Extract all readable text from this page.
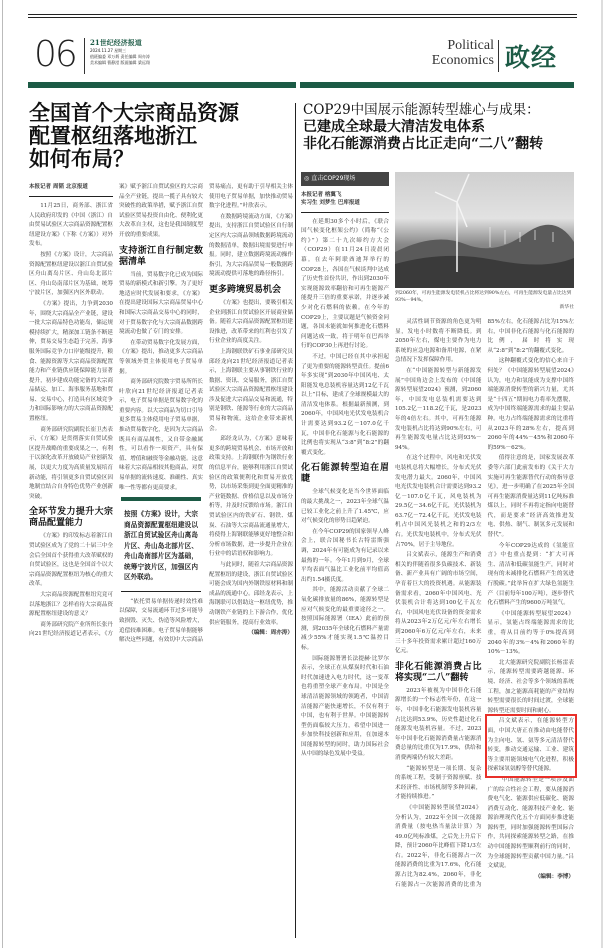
06 21世纪经济报道
2024.11.27 星期三
值班编委 邓万炳 责任编辑 周亦涛
美术编辑 曹静滢 版面编辑 梁远翔
Political
Economics 政经
全国首个大宗商品资源
配置枢纽落地浙江
如何布局？
本报记者 周韬 北京报道

11月25日，商务部、浙江省人民政府印发的《中国（浙江）自由贸易试验区大宗商品资源配置枢纽建设方案》（下称《方案》）对外发布。

按照《方案》设计，大宗商品资源配置枢纽建设以浙江自贸试验区舟山离岛片区、舟山岛北部片区、舟山岛南部片区为基础，统筹宁波片区，加强区内区外联动。

《方案》提出，力争到2030年，围绕大宗商品全产业链，建设一批大宗商品特色功能岛，储运规模持续扩大，精深加工链条不断延伸，贸易交易生态趋于完善，海事服务国际竞争力口岸能级提升，粮食、能源资源等大宗商品资源配置能力和产业链供应链保障能力显著提升，初步建成功能完备的大宗商品储运、加工、海事服务基地和贸易、交易中心，打造具有区域竞争力和国际影响力的大宗商品资源配置枢纽。

商务部研究院副院长崔卫杰表示，《方案》是贯彻落实自贸试验区提升战略的重要成果之一，有利于以深化改革开放破局产业创新发展，以更大力度为高质量发展培育新动能，将引领更多自贸试验区因地制宜结合自身特色优势产业创新突破。

全环节发力提升大宗商品配置能力

《方案》的印发标志着浙江自贸试验区成为了党的二十届三中全会后全国首个获得重大改革赋权的自贸试验区，这也是全国首个以大宗商品资源配置枢纽为核心的重大改革。

大宗商品资源配置枢纽究竟可以落地浙江？怎样看待大宗商品资源配置枢纽建设的意义？

商务部研究院产业所所长张丹向21世纪经济报道记者表示，《方案》赋予浙江自贸试验区的大宗商品全产业链，提出一揽子具有较大突破性的政策举措，赋予浙江自贸试验区贸易投资自由化、便利化更大改革自主权，这也是我国制度型开放的重要成果。

支持浙江自行制定数据清单

当前，贸易数字化已成为国际贸易的新模式和新引擎。为了更好地适应时代发展和要求，《方案》在提出建设国际大宗商品贸易中心和国际大宗商品交易中心的同时，对于贸易数字化与大宗商品数据跨境流动也做了专门的安排。

在带动贸易数字化发展方面，《方案》提出，推动更多大宗商品等领域外贸主体使用电子贸易单据。

商务部研究院数字贸易所所长叶欣向21世纪经济报道记者表示，电子贸易单据是贸易数字化的重要内容。以大宗商品为切口引导更多贸易主体使用电子贸易单据，推动贸易数字化，是因为大宗商品既具有商品属性，又自带金融属性，可以看作一项资产，具有保值、增值和融资等金融功能。这意味着大宗商品相较其他商品，对贸易单据的流转速度、准确性、真实唯一性等都有更高要求。

按照《方案》设计，大宗商品资源配置枢纽建设以浙江自贸试验区舟山离岛片区、舟山岛北部片区、舟山岛南部片区为基础，统筹宁波片区，加强区内区外联动。

“依托贸易单据传递时效性难以保障，交易流通环节过多可能导致损毁、灭失、伪造等风险增大，追偿较难困难。电子贸易单据能够解决这些问题，有效切中大宗商品贸易痛点，更有助于引导相关主体使用电子贸易单据，加快推动贸易数字化进程。”叶欣表示。

在数据跨境流动方面，《方案》提出，支持浙江自贸试验区自行制定区内大宗商品领域数据跨境流动的数据清单，数据出境需要进行申报。同时，建立数据跨境流动操作指引，为大宗商品贸易一般数据跨境流动提供可落地的路径指引。

更多跨境贸易机会

《方案》也提出，要吸引相关企业到浙江自贸试验区开展商业储备。随着大宗商品资源配置枢纽建设推进，改革带来的红利也引发了行业企业的高度关注。

上海钢联铁矿石事业部研究员邱经龙向21世纪经济报道记者表示，上海钢联主要从事钢铁行业的数据、资讯、交易服务，浙江自贸试验区大宗商品资源配置枢纽建设涉及促进大宗商品交易和流通，特别是钢铁、能源等行业的大宗商品贸易和物流，这给企业带来新机会。

邱经龙认为，《方案》意味着更多的跨境贸易机会、市场开放和政策支持。上海钢联作为钢铁行业的信息平台，能够利用浙江自贸试验区的政策便利化和贸易开放优势，以市场采集到更全面更精准的产业链数据、价格信息以及市场分析等，并及时反馈给市场。浙江自贸试验区内的铁矿石、钢铁、煤炭、石油等大宗商品流通量增大，将使得上海钢联能够更好地整合和分析市场数据，进一步提升企业在行业中的话语权和影响力。

与此同时，随着大宗商品资源配置枢纽的建设，浙江自贸试验区可能会成为国内外钢铁原材料和制成品的流通中心。邱经龙表示，上海钢联可以借助这一枢纽优势，推动钢铁产业链的上下游合作，优化供应链服务，提高行业效率。

（编辑：周亦涛）

COP29中国展示能源转型雄心与成果：
已建成全球最大清洁发电体系
非化石能源消费占比正走向“二八”翻转
◎ 直击COP29现场
本报记者 榕翼飞
实习生 刘梦生 巴库报道

在延期30多个小时后，《联合国气候变化框架公约》（简称“《公约》”）第二十九次缔约方大会（COP29）在11月24日凌晨闭幕。在去年阿联酋迪拜举行的COP28上，各国在气候谈判中达成了历史性首份共识，作出到2030年实现能源效率翻倍和可再生能源产能提升三倍的重要承诺，并逐步减少对化石燃料的依赖。在今年的COP29上，主要议题是气候资金问题，各国未能就如何推进化石燃料问题达成一致，将于明年在巴西举行的COP30上再进行讨论。

不过，中国已经在其中承担起了更为重要的能源转型责任。提前6年多实现“到2030年中国风电、太阳能发电总装机容量达到12亿千瓦以上”目标，建成了全球规模最大的清洁发电体系。根据最新预测，到2060年，中国风电光伏发电装机合计需要达到93.2亿－107.0亿千瓦，中国非化石能源与化石能源的比例也将实现从“3:8”到“8:2”的翻覆式变化。

化石能源转型迫在眉睫

全球气候变化是当今世界面临的最大挑战之一，2023年全球气温已较工业化之前上升了1.45℃，应对气候变化的形势日趋紧迫。

在今年COP29的国家领导人峰会上，联合国秘书长古特雷斯强调，2024年有可能成为有记录以来最热的一年。今年1月到9月，全球平均表面气温比工业化前平均值高出约1.54摄氏度。

其中，能源活动贡献了全球二氧化碳排放量的86%，能源转型是应对气候变化的最重要途径之一。按照国际能源署（IEA）此前的预测，到2035年全球化石燃料产量需减少55%才能实现1.5℃温控目标。

国际能源署署长法提赫·比罗尔表示，全球正在从煤炭时代和石油时代加速进入电力时代，这一变革也将重塑全球产业布局。中国是全球清洁能源领域的领跑者，中国清洁能源产能快速增长，不仅有利于中国，也有利于世界。中国能源转型仍面临较大压力，希望中国进一步加快科技创新和应用，在加速本国能源转型的同时，助力国际社会从中国的绿色发展中受益。

到2060年，可再生能源发电装机占比将达到90%左右，可再生能源发电量占比达到93%－94%。
新华社

灵活性调节资源的角色更为明显，发电小时数将不断降低。到2050年左右，煤电主要作为电力系统的应急电源和备用电源，在紧急情况下发挥保障作用。

在“中国能源转型与新能源发展”中国角边会上发布的《中国能源转型展望2024》预测，到2060年，中国发电总装机需要达到105.2亿－118.2亿千瓦，是2023年的4倍左右。其中，可再生能源发电装机占比将达到90%左右，可再生能源发电量占比达到93%－94%。

在这个过程中，风电和光伏发电装机总将大幅增长，分布式光伏发电潜力最大。2060年，中国风电光伏发电装机合计需要达到93.2亿－107.0亿千瓦，风电装机为29.5亿－34.6亿千瓦，光伏装机为63.7亿－72.4亿千瓦，光伏发电装机占中国风光装机之和的2/3左右。光伏发电装机中，分布式光伏占70%，居于主导地位。

吕文斌表示，能源生产和消费相关的伴随着很多负碳技术、新装备、新产业具有广阔的市场空间，孕育着巨大的投资机遇。从能源装备需求看，2060年中国风电、光伏装机合计将达到100亿千瓦左右，中国风电光伏设备的资金需求将从2023年2万亿元/年左右增长到2060年6万亿元/年左右，未来三十多年投资需求累计超过160万亿元。

非化石能源消费占比将实现“二八”翻转

2023年被视为中国非化石能源增长的一个标志性年份，在这一年，中国非化石能源发电装机容量占比达到53.9%，历史性超过化石能源发电装机容量。不过，2023年中国非化石能源消费量占能源消费总量的比重仅为17.9%，供给和消费两端仍有较大差距。

“能源转型是一项长期、复杂的系统工程，受制于资源禀赋、技术经济性、市场机制等多种因素，才能持续推进。”

《中国能源转型展望2024》分析认为，2022年全国一次能源消费量（按电热当量法计算）为49.0亿吨标准煤，之后先上升后下降，预计2060年比峰值下降1/3左右。2022年，非化石能源占一次能源消费的比重为17.6%，化石能源占比为82.4%，2060年，非化石能源占一次能源消费的比重为85%左右，化石能源占比为15%左右，中国非化石能源与化石能源的比例，届时将实现从“2:8”到“8:2”的翻覆式变化。

这种翻覆式变化的信心来自于何处？《中国能源转型展望2024》认为，电力和氢能成为支撑中国终端能源消费转型的新兴力量，尤其是“十四五”期间电力将率先摆脱，成为中国终端能源需求的最主要品种。电力占终端能源需求的比重将从2023年的28%左右，提高到2060年的44%－45%和2060年的59%－62%。

值得注意的是，国家发展改革委等六部门此前发布的《关于大力实施可再生能源替代行动的指导意见》，进一步明确了在2025年全国可再生能源消费量达到11亿吨标准煤以上，同时不再将定指向电能替代，而是要求“经济高效推进发电、供热、制气、制氢多元发展和替代”。

今年COP29达成的《氢能宣言》中也重点提到：“扩大可再生、清洁和低碳氢能生产，同时对现有的未减排化石燃料产生的氢进行脱碳。”此举旨在扩大绿色氢能生产（目前每年100万吨），逐步替代化石燃料产生的9600万吨氢气。

《中国能源转型展望2024》显示，氢能占终端能源需求的比重，将从目前约等于0%提高到2040年的3%－4%和2060年的10%－13%。

北大能源研究院副院长杨雷表示，能源转型需要跨越能源、环境、经济、社会等多个领域的系统工程，加之能源高耗能的产业结构转型需要很长的时间过渡，全球能源转型还需要时间和耐心。

吕文斌表示，在能源转型方面，中国大唐正在推动由电能替代为主向电、氢、氨等多元清洁替代转变，推动交通运输、工业、建筑等主要用能领域电气化进程，积极探索绿氢氨醇等替代能源。

“中国能源转型是一项涉及面广的综合性社会工程，要从能源消费电气化、能源供应低碳化、能源消费互动化、能源科技产业化、能源治理现代化五个方面同步推进能源转型，同时加强能源转型国际合作，共同探索能源转型之路，在推动中国能源转型顺利前行的同时，为全球能源转型贡献中国力量。”吕文斌说。

（编辑：李博）
